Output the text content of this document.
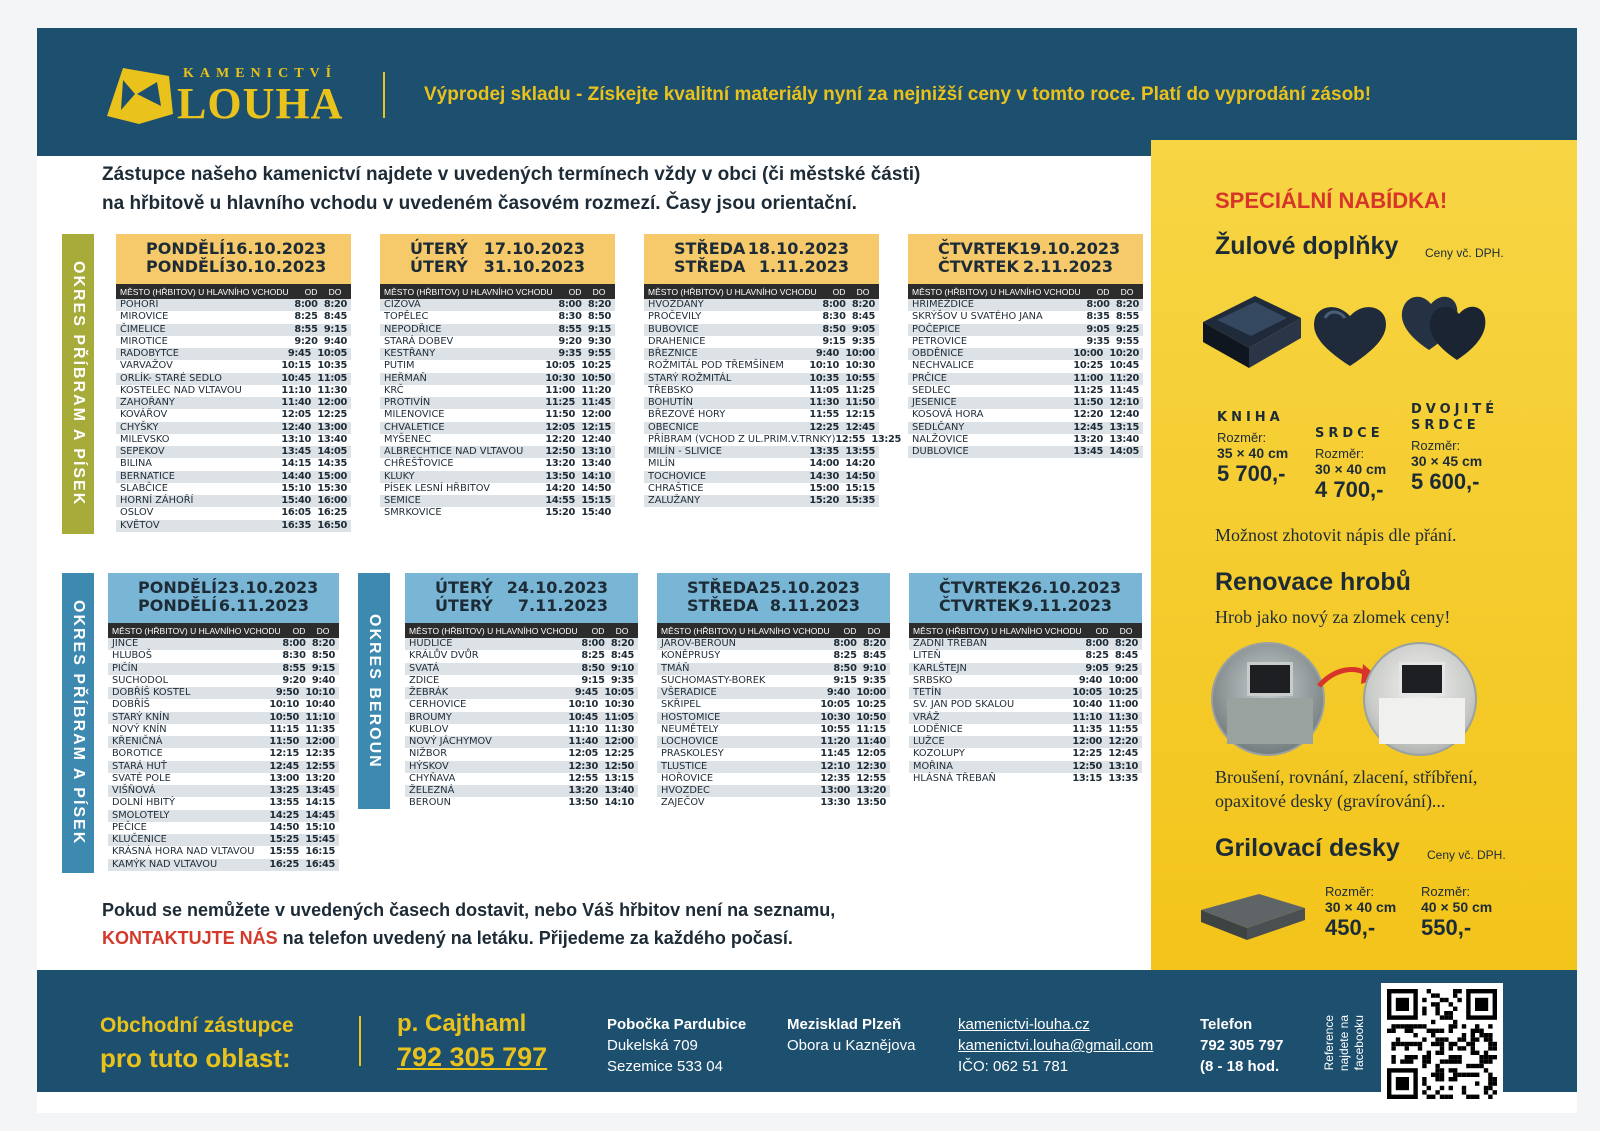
KAMENICTVÍ
LOUHA	Výprodej skladu - Získejte kvalitní materiály nyní za nejnižší ceny v tomto roce. Platí do vyprodání zásob!
Zástupce našeho kamenictví najdete v uvedených termínech vždy v obci (či městské části)
na hřbitově u hlavního vchodu v uvedeném časovém rozmezí. Časy jsou orientační.
OKRES PŘÍBRAM A PÍSEK
OKRES PŘÍBRAM A PÍSEK	OKRES BEROUN
PONDĚLÍ 16.10.2023
PONDĚLÍ 30.10.2023
MĚSTO (HŘBITOV) U HLAVNÍHO VCHODU	OD	DO
POHOŘÍ	8:00 8:20
MIROVICE	8:25 8:45
ČIMELICE	8:55 9:15
MIROTICE	9:20 9:40
RADOBYTCE	9:45 10:05
VARVAŽOV	10:15 10:35
ORLÍK- STARÉ SEDLO	10:45 11:05
KOSTELEC NAD VLTAVOU	11:10 11:30
ZAHOŘANY	11:40 12:00
KOVÁŘOV	12:05 12:25
CHYŠKY	12:40 13:00
MILEVSKO	13:10 13:40
SEPEKOV	13:45 14:05
BILINA	14:15 14:35
BERNATICE	14:40 15:00
SLABČICE	15:10 15:30
HORNÍ ZÁHOŘÍ	15:40 16:00
OSLOV	16:05 16:25
KVĚTOV	16:35 16:50
ÚTERÝ 17.10.2023
ÚTERÝ 31.10.2023
MĚSTO (HŘBITOV) U HLAVNÍHO VCHODU	OD	DO
ČÍŽOVÁ	8:00 8:20
TOPĚLEC	8:30 8:50
NEPODŘICE	8:55 9:15
STARÁ DOBEV	9:20 9:30
KESTŘANY	9:35 9:55
PUTIM	10:05 10:25
HEŘMAŇ	10:30 10:50
KRČ	11:00 11:20
PROTIVÍN	11:25 11:45
MILENOVICE	11:50 12:00
CHVALETICE	12:05 12:15
MYŠENEC	12:20 12:40
ALBRECHTICE NAD VLTAVOU	12:50 13:10
CHŘEŠŤOVICE	13:20 13:40
KLUKY	13:50 14:10
PÍSEK LESNÍ HŘBITOV	14:20 14:50
SEMICE	14:55 15:15
SMRKOVICE	15:20 15:40
STŘEDA 18.10.2023
STŘEDA 1.11.2023
MĚSTO (HŘBITOV) U HLAVNÍHO VCHODU	OD	DO
HVOŽĎANY	8:00 8:20
PROČEVILY	8:30 8:45
BUBOVICE	8:50 9:05
DRAHENICE	9:15 9:35
BŘEZNICE	9:40 10:00
ROŽMITÁL POD TŘEMŠÍNEM	10:10 10:30
STARÝ ROŽMITÁL	10:35 10:55
TŘEBSKO	11:05 11:25
BOHUTÍN	11:30 11:50
BŘEZOVÉ HORY	11:55 12:15
OBECNICE	12:25 12:45
PŘÍBRAM (VCHOD Z UL.PRIM.V.TRNKY) 12:55 13:25
MILÍN - SLIVICE	13:35 13:55
MILÍN	14:00 14:20
TOCHOVICE	14:30 14:50
CHRAŠTICE	15:00 15:15
ZALUŽANY	15:20 15:35
ČTVRTEK 19.10.2023
ČTVRTEK 2.11.2023
MĚSTO (HŘBITOV) U HLAVNÍHO VCHODU	OD	DO
HŘIMĚŽDICE	8:00 8:20
SKRÝŠOV U SVATÉHO JANA	8:35 8:55
POČEPICE	9:05 9:25
PETROVICE	9:35 9:55
OBDĚNICE	10:00 10:20
NECHVALICE	10:25 10:45
PRČICE	11:00 11:20
SEDLEC	11:25 11:45
JESENICE	11:50 12:10
KOSOVÁ HORA	12:20 12:40
SEDLČANY	12:45 13:15
NALŽOVICE	13:20 13:40
DUBLOVICE	13:45 14:05
PONDĚLÍ 23.10.2023
PONDĚLÍ 6.11.2023
MĚSTO (HŘBITOV) U HLAVNÍHO VCHODU	OD	DO
JINCE	8:00 8:20
HLUBOŠ	8:30 8:50
PIČÍN	8:55 9:15
SUCHODOL	9:20 9:40
DOBŘÍŠ KOSTEL	9:50 10:10
DOBŘÍŠ	10:10 10:40
STARÝ KNÍN	10:50 11:10
NOVÝ KNÍN	11:15 11:35
KŘENIČNÁ	11:50 12:00
BOROTICE	12:15 12:35
STARÁ HUŤ	12:45 12:55
SVATÉ POLE	13:00 13:20
VIŠŇOVÁ	13:25 13:45
DOLNÍ HBITÝ	13:55 14:15
SMOLOTELY	14:25 14:45
PEČICE	14:50 15:10
KLUČENICE	15:25 15:45
KRÁSNÁ HORA NAD VLTAVOU	15:55 16:15
KAMÝK NAD VLTAVOU	16:25 16:45
ÚTERÝ 24.10.2023
ÚTERÝ 7.11.2023
MĚSTO (HŘBITOV) U HLAVNÍHO VCHODU	OD	DO
HUDLICE	8:00 8:20
KRÁLŮV DVŮR	8:25 8:45
SVATÁ	8:50 9:10
ZDICE	9:15 9:35
ŽEBRÁK	9:45 10:05
CERHOVICE	10:10 10:30
BROUMY	10:45 11:05
KUBLOV	11:10 11:30
NOVÝ JÁCHYMOV	11:40 12:00
NIŽBOR	12:05 12:25
HÝSKOV	12:30 12:50
CHYŇAVA	12:55 13:15
ŽELEZNÁ	13:20 13:40
BEROUN	13:50 14:10
STŘEDA 25.10.2023
STŘEDA 8.11.2023
MĚSTO (HŘBITOV) U HLAVNÍHO VCHODU	OD	DO
JAROV-BEROUN	8:00 8:20
KONĚPRUSY	8:25 8:45
TMÁŇ	8:50 9:10
SUCHOMASTY-BOREK	9:15 9:35
VŠERADICE	9:40 10:00
SKŘIPEL	10:05 10:25
HOSTOMICE	10:30 10:50
NEUMĚTELY	10:55 11:15
LOCHOVICE	11:20 11:40
PRASKOLESY	11:45 12:05
TLUSTICE	12:10 12:30
HOŘOVICE	12:35 12:55
HVOZDEC	13:00 13:20
ZAJEČOV	13:30 13:50
ČTVRTEK 26.10.2023
ČTVRTEK 9.11.2023
MĚSTO (HŘBITOV) U HLAVNÍHO VCHODU	OD	DO
ZADNÍ TŘEBAŇ	8:00 8:20
LITEŇ	8:25 8:45
KARLŠTEJN	9:05 9:25
SRBSKO	9:40 10:00
TETÍN	10:05 10:25
SV. JAN POD SKALOU	10:40 11:00
VRÁŽ	11:10 11:30
LODĚNICE	11:35 11:55
LUŽCE	12:00 12:20
KOZOLUPY	12:25 12:45
MOŘINA	12:50 13:10
HLÁSNÁ TŘEBAŇ	13:15 13:35
Pokud se nemůžete v uvedených časech dostavit, nebo Váš hřbitov není na seznamu,
KONTAKTUJTE NÁS na telefon uvedený na letáku. Přijedeme za každého počasí.
SPECIÁLNÍ NABÍDKA!
Žulové doplňky Ceny vč. DPH.
KNIHA
Rozměr:
35 × 40 cm
5 700,-
SRDCE
Rozměr:
30 × 40 cm
4 700,-
DVOJITÉ SRDCE
Rozměr:
30 × 45 cm
5 600,-
Možnost zhotovit nápis dle přání.
Renovace hrobů
Hrob jako nový za zlomek ceny!
Broušení, rovnání, zlacení, stříbření,
opaxitové desky (gravírování)...
Grilovací desky Ceny vč. DPH.
Rozměr:
30 × 40 cm
450,-
Rozměr:
40 × 50 cm
550,-
Obchodní zástupce
pro tuto oblast:
p. Cajthaml
792 305 797
Pobočka Pardubice
Dukelská 709
Sezemice 533 04
Mezisklad Plzeň
Obora u Kaznějova
kamenictvi-louha.cz
kamenictvi.louha@gmail.com
IČO: 062 51 781
Telefon
792 305 797
(8 - 18 hod.	Reference najdete na facebooku
